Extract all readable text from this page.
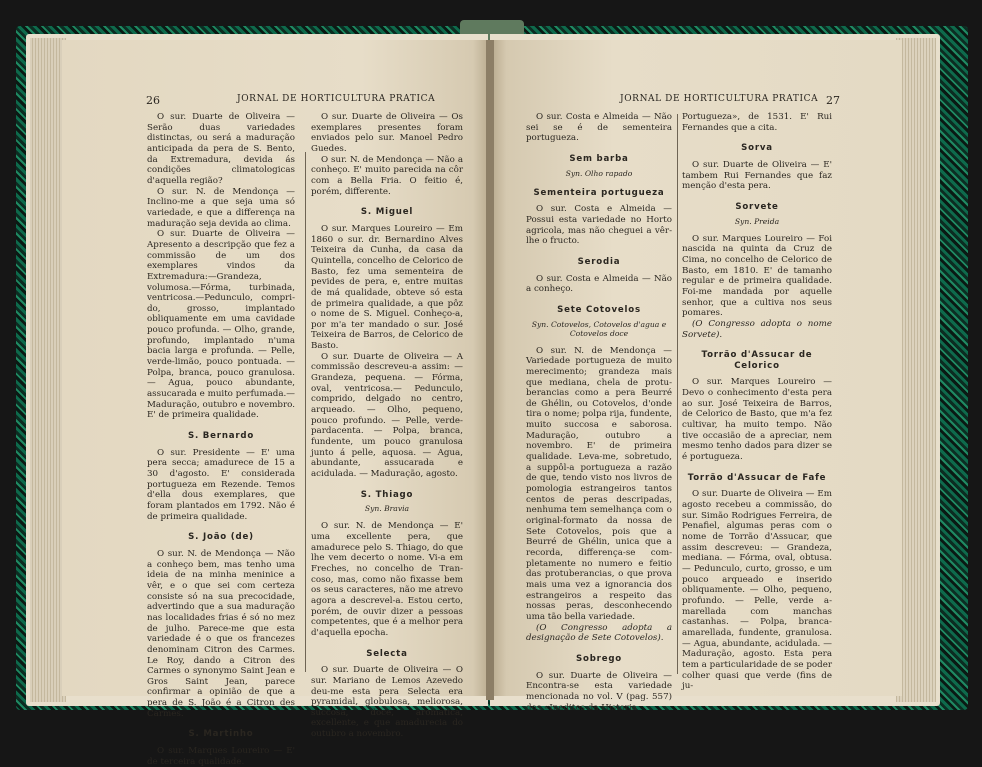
26	JORNAL DE HORTICULTURA PRATICA

O sur. Duarte de Oliveira — Serão duas variedades distinctas, ou será a maduração anticipada da pera de S. Bento, da Extremadura, devida ás condições climatologicas d'aquella região?

O sur. N. de Mendonça — Inclino-me a que seja uma só variedade, e que a differença na maduração seja devida ao clima.

O sur. Duarte de Oliveira — Apresento a descripção que fez a commissão de um dos exemplares vindos da Extremadura:—Grandeza, volumosa.—Fórma, turbinada, ventricosa.—Pedunculo, comprido, grosso, implantado obliquamente em uma cavidade pouco profunda. — Olho, grande, profundo, implantado n'uma bacia larga e profunda. — Pelle, verde-limão, pouco pontuada. — Polpa, branca, pouco granulosa. — Agua, pouco abundante, assucarada e muito perfumada.— Maduração, outubro e novembro. E' de primeira qualidade.

S. Bernardo

O sur. Presidente — E' uma pera secca; amadurece de 15 a 30 d'agosto. E' considerada portugueza em Rezende. Temos d'ella dous exemplares, que foram plantados em 1792. Não é de primeira qualidade.

S. João (de)

O sur. N. de Mendonça — Não a conheço bem, mas tenho uma ideia de na minha meninice a vêr, e o que sei com certeza consiste só na sua precocidade, advertindo que a sua maduração nas localidades frias é só no mez de julho. Parece-me que esta variedade é o que os francezes denominam Citron des Carmes. Le Roy, dando a Citron des Carmes o synonymo Saint Jean e Gros Saint Jean, parece confirmar a opinião de que a pera de S. João é a Citron des Carmes.

S. Martinho

O sur. Marques Loureiro — E' de terceira qualidade.

O sur. Duarte de Oliveira — Os exemplares presentes foram enviados pelo sur. Manoel Pedro Guedes.

O sur. N. de Mendonça — Não a conheço. E' muito parecida na côr com a Bella Fria. O feitio é, porém, differente.

S. Miguel

O sur. Marques Loureiro — Em 1860 o sur. dr. Bernardino Alves Teixeira da Cunha, da casa da Quintella, concelho de Celorico de Basto, fez uma sementeira de pevides de pera, e, entre muitas de má qualidade, obteve só esta de primeira qualidade, a que pôz o nome de S. Miguel. Conheço-a, por m'a ter mandado o sur. José Teixeira de Barros, de Celorico de Basto.

O sur. Duarte de Oliveira — A commissão descreveu-a assim: — Grandeza, pequena. — Fórma, oval, ventricosa.— Pedunculo, comprido, delgado no centro, arqueado. — Olho, pequeno, pouco profundo. — Pelle, verde-pardacenta. — Polpa, branca, fundente, um pouco granulosa junto á pelle, aquosa. — Agua, abundante, assucarada e acidulada. — Maduração, agosto.

S. Thiago
Syn. Bravia

O sur. N. de Mendonça — E' uma excellente pera, que amadurece pelo S. Thiago, do que lhe vem decerto o nome. Vi-a em Freches, no concelho de Trancoso, mas, como não fixasse bem os seus caracteres, não me atrevo agora a descrevel-a. Estou certo, porém, de ouvir dizer a pessoas competentes, que é a melhor pera d'aquella epocha.

Selecta

O sur. Duarte de Oliveira — O sur. Mariano de Lemos Azevedo deu-me esta pera Selecta era pyramidal, globulosa, meliorosa, succosa, doce, aromatica, excellente, e que amadurecia do outubro a novembro.

JORNAL DE HORTICULTURA PRATICA 27

O sur. Costa e Almeida — Não sei se é de sementeira portugueza.

Sem barba
Syn. Olho rapado
Sementeira portugueza

O sur. Costa e Almeida — Possui esta variedade no Horto agricola, mas não cheguei a vêr-lhe o fructo.

Serodia

O sur. Costa e Almeida — Não a conheço.

Sete Cotovelos
Syn. Cotovelos, Cotovelos d'agua e Cotovelos doce

O sur. N. de Mendonça — Variedade portugueza de muito merecimento; grandeza mais que mediana, chela de protuberancias como a pera Beurré de Ghélin, ou Cotovelos, d'onde tira o nome; polpa rija, fundente, muito succosa e saborosa. Maduração, outubro a novembro. E' de primeira qualidade. Leva-me, sobretudo, a suppôl-a portugueza a razão de que, tendo visto nos livros de pomologia estrangeiros tantos centos de peras descripadas, nenhuma tem semelhança com o original-formato da nossa de Sete Cotovelos, pois que a Beurré de Ghélin, unica que a recorda, differença-se completamente no numero e feitio das protuberancias, o que prova mais uma vez a ignorancia dos estrangeiros a respeito das nossas peras, desconhecendo uma tão bella variedade.

(O Congresso adopta a designação de Sete Cotovelos).

Sobrego

O sur. Duarte de Oliveira — Encontra-se esta variedade mencionada no vol. V (pag. 557) dos «Ineditos da Historia

Portugueza», de 1531. E' Rui Fernandes que a cita.

Sorva

O sur. Duarte de Oliveira — E' tambem Rui Fernandes que faz menção d'esta pera.

Sorvete
Syn. Preida

O sur. Marques Loureiro — Foi nascida na quinta da Cruz de Cima, no concelho de Celorico de Basto, em 1810. E' de tamanho regular e de primeira qualidade. Foi-me mandada por aquelle senhor, que a cultiva nos seus pomares.

(O Congresso adopta o nome Sorvete).

Torrão d'Assucar de Celorico

O sur. Marques Loureiro — Devo o conhecimento d'esta pera ao sur. José Teixeira de Barros, de Celorico de Basto, que m'a fez cultivar, ha muito tempo. Não tive occasião de a apreciar, nem mesmo tenho dados para dizer se é portugueza.

Torrão d'Assucar de Fafe

O sur. Duarte de Oliveira — Em agosto recebeu a commissão, do sur. Simão Rodrigues Ferreira, de Penafiel, algumas peras com o nome de Torrão d'Assucar, que assim descreveu: — Grandeza, mediana. — Fórma, oval, obtusa. — Pedunculo, curto, grosso, e um pouco arqueado e inserido obliquamente. — Olho, pequeno, profundo. — Pelle, verde amarellada com manchas castanhas. — Polpa, branca-amarellada, fundente, granulosa. — Agua, abundante, acidulada. — Maduração, agosto. Esta pera tem a particularidade de se poder colher quasi que verde (fins de ju-
